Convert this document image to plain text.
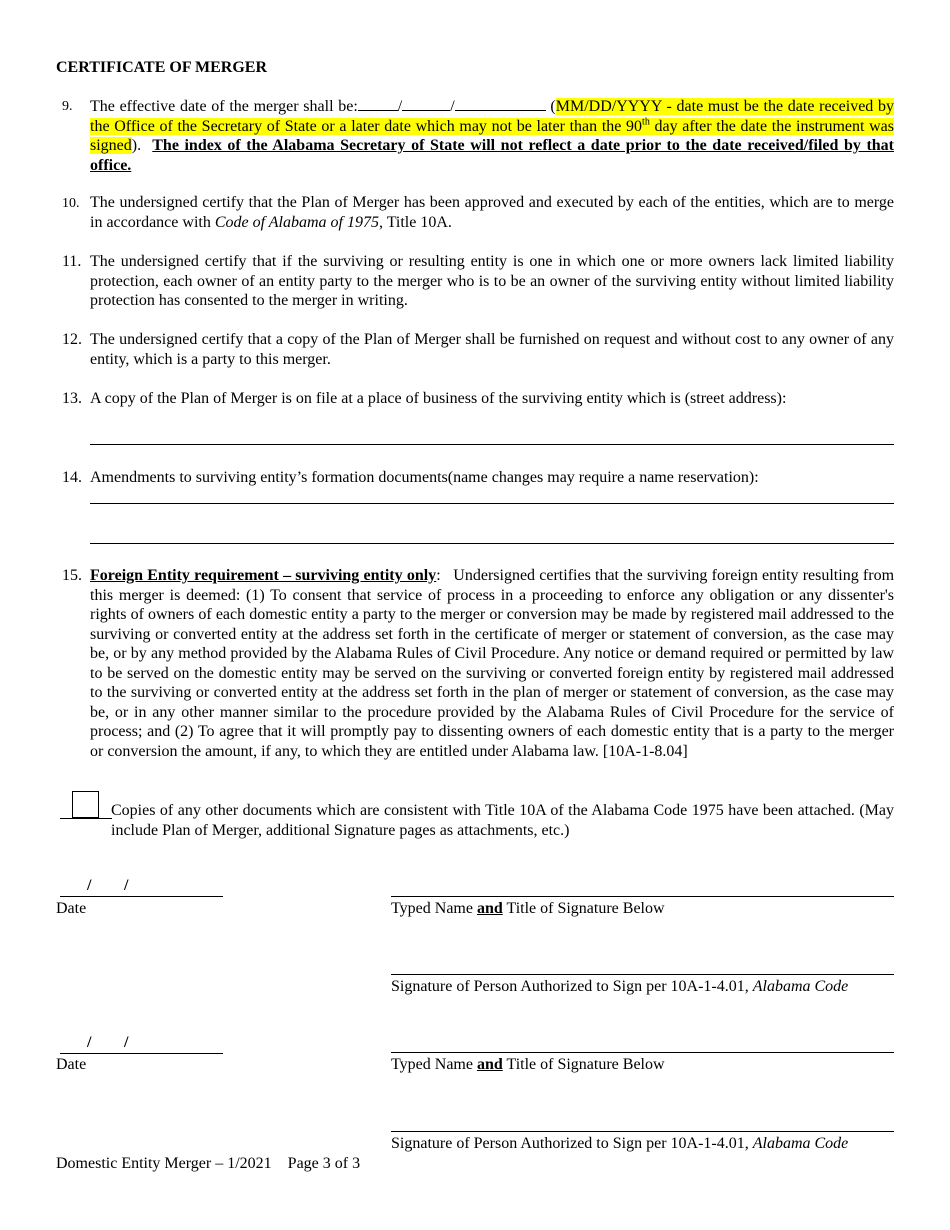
CERTIFICATE OF MERGER
9. The effective date of the merger shall be:	/	/	(MM/DD/YYYY - date must be the date received by the Office of the Secretary of State or a later date which may not be later than the 90th day after the date the instrument was signed). The index of the Alabama Secretary of State will not reflect a date prior to the date received/filed by that office.
10. The undersigned certify that the Plan of Merger has been approved and executed by each of the entities, which are to merge in accordance with Code of Alabama of 1975, Title 10A.
11. The undersigned certify that if the surviving or resulting entity is one in which one or more owners lack limited liability protection, each owner of an entity party to the merger who is to be an owner of the surviving entity without limited liability protection has consented to the merger in writing.
12. The undersigned certify that a copy of the Plan of Merger shall be furnished on request and without cost to any owner of any entity, which is a party to this merger.
13. A copy of the Plan of Merger is on file at a place of business of the surviving entity which is (street address):
14. Amendments to surviving entity’s formation documents(name changes may require a name reservation):
15. Foreign Entity requirement – surviving entity only: Undersigned certifies that the surviving foreign entity resulting from this merger is deemed: (1) To consent that service of process in a proceeding to enforce any obligation or any dissenter's rights of owners of each domestic entity a party to the merger or conversion may be made by registered mail addressed to the surviving or converted entity at the address set forth in the certificate of merger or statement of conversion, as the case may be, or by any method provided by the Alabama Rules of Civil Procedure. Any notice or demand required or permitted by law to be served on the domestic entity may be served on the surviving or converted foreign entity by registered mail addressed to the surviving or converted entity at the address set forth in the plan of merger or statement of conversion, as the case may be, or in any other manner similar to the procedure provided by the Alabama Rules of Civil Procedure for the service of process; and (2) To agree that it will promptly pay to dissenting owners of each domestic entity that is a party to the merger or conversion the amount, if any, to which they are entitled under Alabama law. [10A-1-8.04]
Copies of any other documents which are consistent with Title 10A of the Alabama Code 1975 have been attached. (May include Plan of Merger, additional Signature pages as attachments, etc.)
/ /
Date	Typed Name and Title of Signature Below
Signature of Person Authorized to Sign per 10A-1-4.01, Alabama Code
/ /
Date	Typed Name and Title of Signature Below
Signature of Person Authorized to Sign per 10A-1-4.01, Alabama Code
Domestic Entity Merger – 1/2021    Page 3 of 3
